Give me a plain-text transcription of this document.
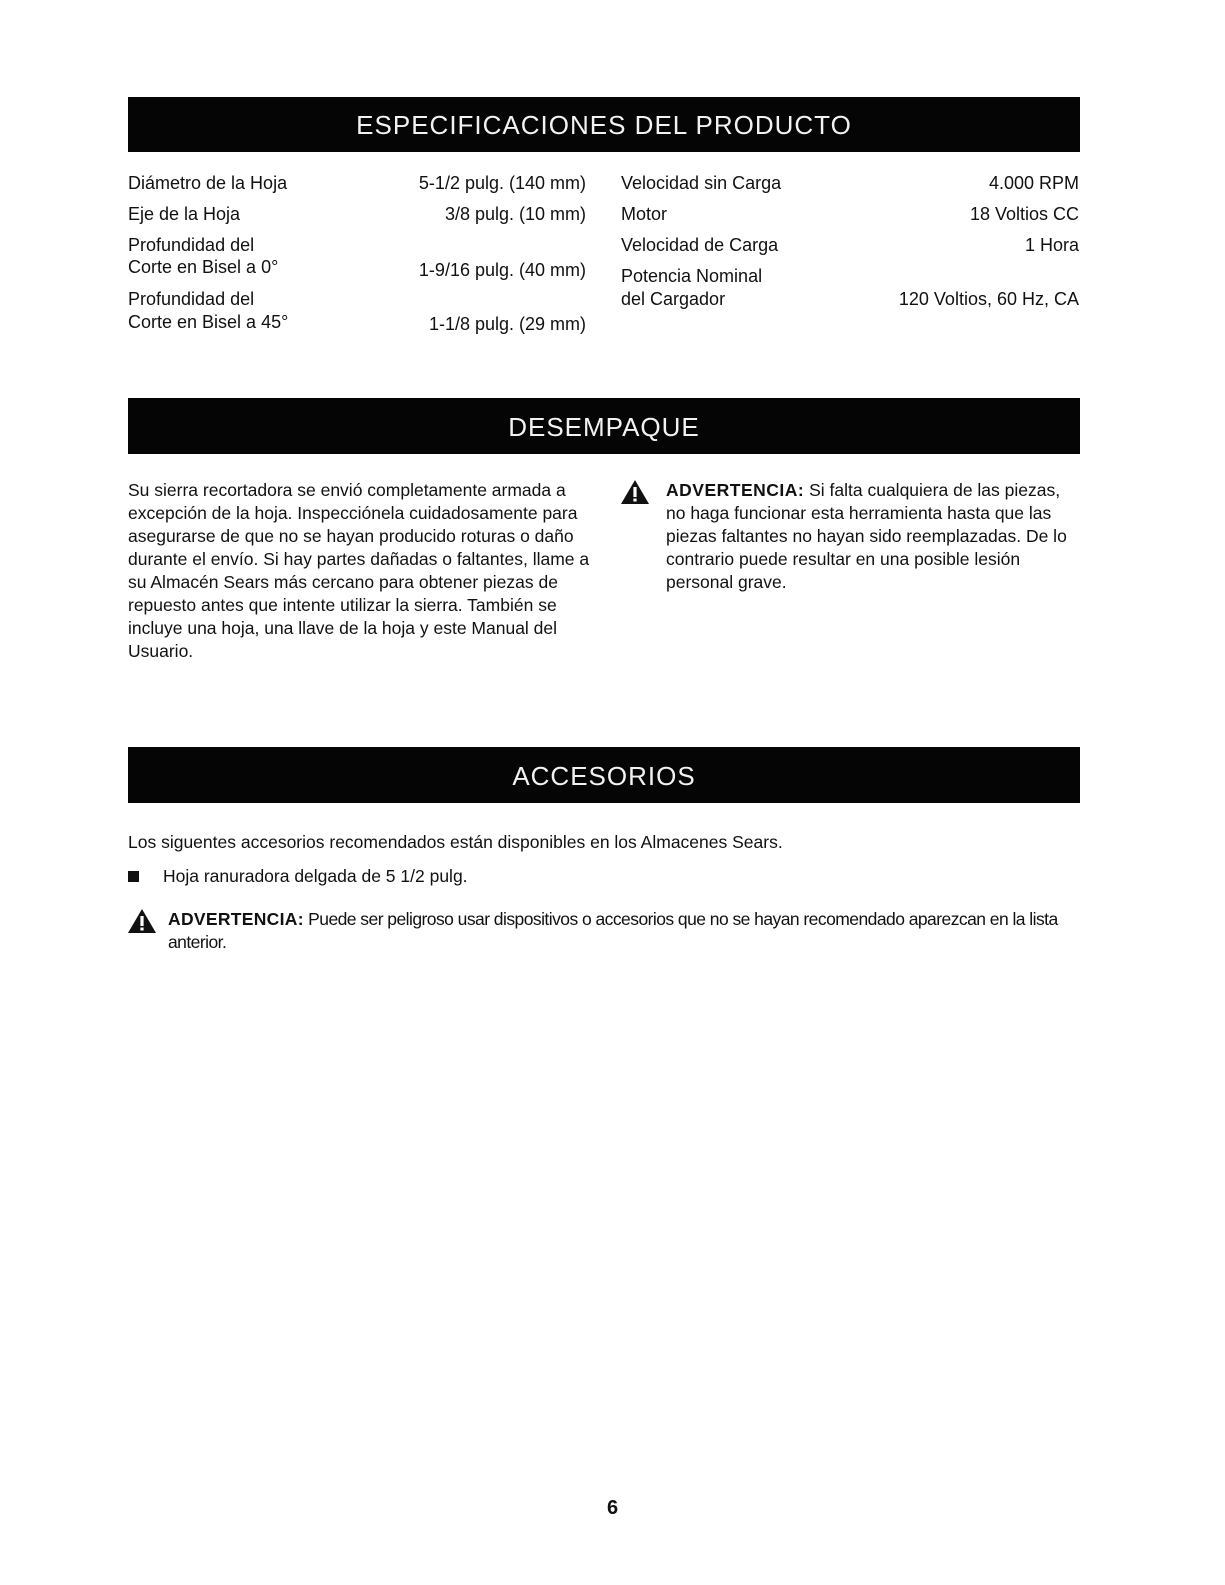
ESPECIFICACIONES DEL PRODUCTO
Diámetro de la Hoja	5-1/2 pulg. (140 mm)
Eje de la Hoja	3/8 pulg. (10 mm)
Profundidad del
Corte en Bisel a 0°	1-9/16 pulg. (40 mm)
Profundidad del
Corte en Bisel a 45°	1-1/8 pulg. (29 mm)
Velocidad sin Carga	4.000 RPM
Motor	18 Voltios CC
Velocidad de Carga	1 Hora
Potencia Nominal
del Cargador	120 Voltios, 60 Hz, CA
DESEMPAQUE
Su sierra recortadora se envió completamente armada a excepción de la hoja. Inspecciónela cuidadosamente para asegurarse de que no se hayan producido roturas o daño durante el envío. Si hay partes dañadas o faltantes, llame a su Almacén Sears más cercano para obtener piezas de repuesto antes que intente utilizar la sierra. También se incluye una hoja, una llave de la hoja y este Manual del Usuario.
ADVERTENCIA: Si falta cualquiera de las piezas, no haga funcionar esta herramienta hasta que las piezas faltantes no hayan sido reemplazadas. De lo contrario puede resultar en una posible lesión personal grave.
ACCESORIOS
Los siguentes accesorios recomendados están disponibles en los Almacenes Sears.
Hoja ranuradora delgada de 5 1/2 pulg.
ADVERTENCIA: Puede ser peligroso usar dispositivos o accesorios que no se hayan recomendado aparezcan en la lista anterior.
6
